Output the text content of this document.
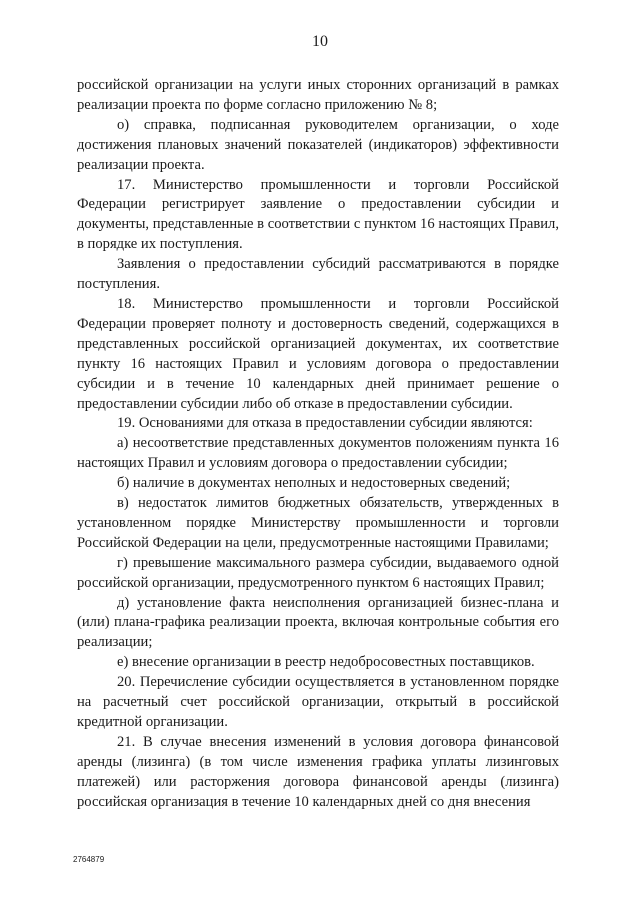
10

российской организации на услуги иных сторонних организаций в рамках реализации проекта по форме согласно приложению № 8;

о) справка, подписанная руководителем организации, о ходе достижения плановых значений показателей (индикаторов) эффективности реализации проекта.

17. Министерство промышленности и торговли Российской Федерации регистрирует заявление о предоставлении субсидии и документы, представленные в соответствии с пунктом 16 настоящих Правил, в порядке их поступления.

Заявления о предоставлении субсидий рассматриваются в порядке поступления.

18. Министерство промышленности и торговли Российской Федерации проверяет полноту и достоверность сведений, содержащихся в представленных российской организацией документах, их соответствие пункту 16 настоящих Правил и условиям договора о предоставлении субсидии и в течение 10 календарных дней принимает решение о предоставлении субсидии либо об отказе в предоставлении субсидии.

19. Основаниями для отказа в предоставлении субсидии являются:

а) несоответствие представленных документов положениям пункта 16 настоящих Правил и условиям договора о предоставлении субсидии;

б) наличие в документах неполных и недостоверных сведений;

в) недостаток лимитов бюджетных обязательств, утвержденных в установленном порядке Министерству промышленности и торговли Российской Федерации на цели, предусмотренные настоящими Правилами;

г) превышение максимального размера субсидии, выдаваемого одной российской организации, предусмотренного пунктом 6 настоящих Правил;

д) установление факта неисполнения организацией бизнес-плана и (или) плана-графика реализации проекта, включая контрольные события его реализации;

е) внесение организации в реестр недобросовестных поставщиков.

20. Перечисление субсидии осуществляется в установленном порядке на расчетный счет российской организации, открытый в российской кредитной организации.

21. В случае внесения изменений в условия договора финансовой аренды (лизинга) (в том числе изменения графика уплаты лизинговых платежей) или расторжения договора финансовой аренды (лизинга) российская организация в течение 10 календарных дней со дня внесения

2764879
